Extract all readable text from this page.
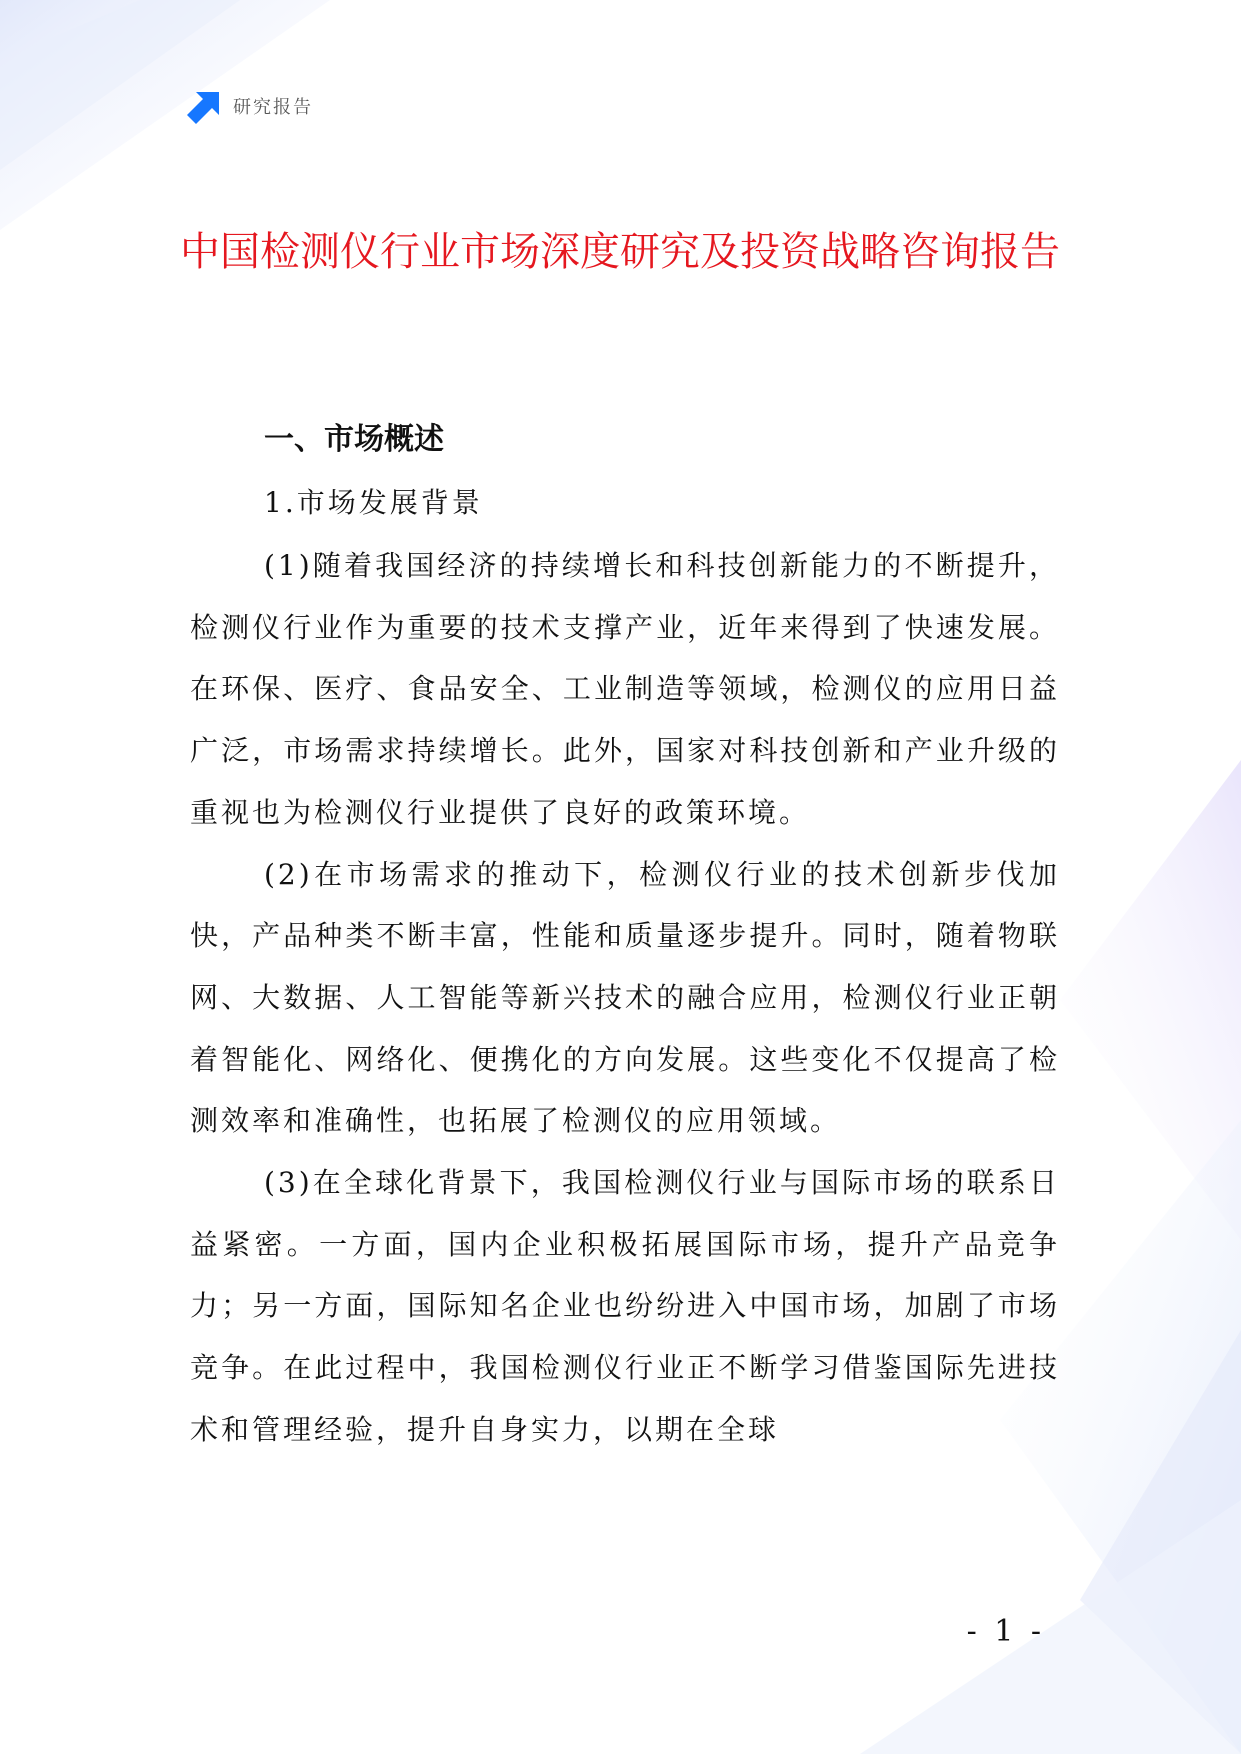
研究报告
中国检测仪行业市场深度研究及投资战略咨询报告
一、市场概述
1.市场发展背景

(1)随着我国经济的持续增长和科技创新能力的不断提升，检测仪行业作为重要的技术支撑产业，近年来得到了快速发展。在环保、医疗、食品安全、工业制造等领域，检测仪的应用日益广泛，市场需求持续增长。此外，国家对科技创新和产业升级的重视也为检测仪行业提供了良好的政策环境。

(2)在市场需求的推动下，检测仪行业的技术创新步伐加快，产品种类不断丰富，性能和质量逐步提升。同时，随着物联网、大数据、人工智能等新兴技术的融合应用，检测仪行业正朝着智能化、网络化、便携化的方向发展。这些变化不仅提高了检测效率和准确性，也拓展了检测仪的应用领域。

(3)在全球化背景下，我国检测仪行业与国际市场的联系日益紧密。一方面，国内企业积极拓展国际市场，提升产品竞争力；另一方面，国际知名企业也纷纷进入中国市场，加剧了市场竞争。在此过程中，我国检测仪行业正不断学习借鉴国际先进技术和管理经验，提升自身实力，以期在全球

- 1 -
